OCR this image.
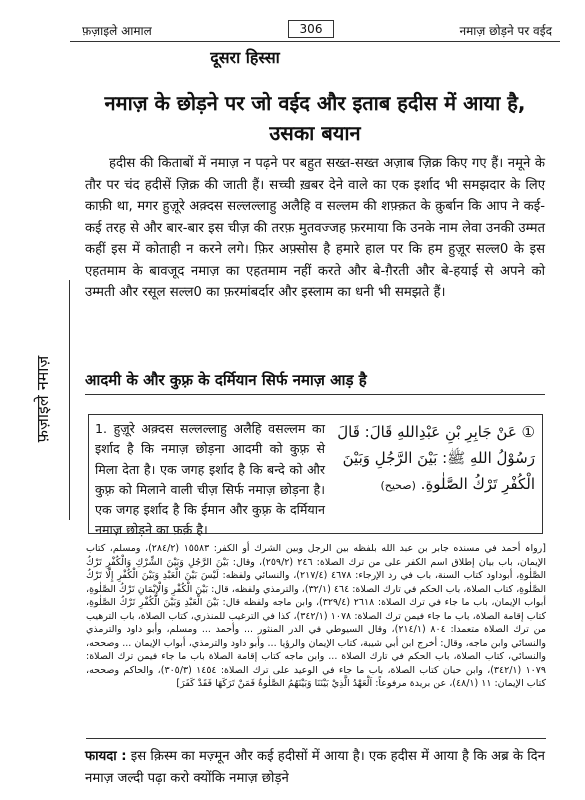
फ़ज़ाइले आमाल	306	नमाज़ छोड़ने पर वईद
दूसरा हिस्सा
फ़ज़ाइले नमाज़
नमाज़ के छोड़ने पर जो वईद और इताब हदीस में आया है, उसका बयान

हदीस की किताबों में नमाज़ न पढ़ने पर बहुत सख्त-सख्त अज़ाब ज़िक्र किए गए हैं। नमूने के तौर पर चंद हदीसें ज़िक्र की जाती हैं। सच्ची ख़बर देने वाले का एक इर्शाद भी समझदार के लिए काफ़ी था, मगर हुज़ूरे अक़्दस सल्लल्लाहु अलैहि व सल्लम की शफ़्क़त के क़ुर्बान कि आप ने कई-कई तरह से और बार-बार इस चीज़ की तरफ़ मुतवज्जह फ़रमाया कि उनके नाम लेवा उनकी उम्मत कहीं इस में कोताही न करने लगे। फ़िर अफ़्सोस है हमारे हाल पर कि हम हुज़ूर सल्ल0 के इस एहतमाम के बावजूद नमाज़ का एहतमाम नहीं करते और बे-ग़ैरती और बे-हयाई से अपने को उम्मती और रसूल सल्ल0 का फ़रमांबर्दार और इस्लाम का धनी भी समझते हैं।

आदमी के और कुफ़्र के दर्मियान सिर्फ नमाज़ आड़ है
1. हुज़ूरे अक़्दस सल्लल्लाहु अलैहि वसल्लम का इर्शाद है कि नमाज़ छोड़ना आदमी को कुफ़्र से मिला देता है। एक जगह इर्शाद है कि बन्दे को और कुफ़्र को मिलाने वाली चीज़ सिर्फ नमाज़ छोड़ना है। एक जगह इर्शाद है कि ईमान और कुफ़्र के दर्मियान नमाज़ छोड़ने का फ़र्क़ है।
① عَنْ جَابِرِ بْنِ عَبْدِاللهِ قَالَ: قَالَ رَسُوْلُ اللهِ ﷺ: بَيْنَ الرَّجُلِ وَبَيْنَ الْكُفْرِ تَرْكُ الصَّلٰوةِ. (صحيح)
[رواہ أحمد في مسنده جابر بن عبد الله بلفظه بين الرجل وبين الشرك أو الكفر: ١٥٥٨٣ (٢٨٤/٢)، ومسلم، كتاب الإيمان، باب بيان إطلاق اسم الكفر على من ترك الصلاة: ٢٤٦ (٢٥٩/٢)، وقال: بَيْنَ الرَّجُلِ وَبَيْنَ الشِّرْكِ وَالْكُفْرِ تَرْكُ الصَّلٰوةِ، أبوداود كتاب السنة، باب في رد الإرجاء: ٤٦٧٨ (٢١٧/٤)، والنسائي ولفظه: لَيْسَ بَيْنَ الْعَبْدِ وَبَيْنَ الْكُفْرِ إِلَّا تَرْكُ الصَّلٰوةِ، كتاب الصلاة، باب الحكم في تارك الصلاة: ٤٦٤ (٣٢/١)، والترمذي ولفظه، قال: بَيْنَ الْكُفْرِ وَالْإِيْمَانِ تَرْكُ الصَّلٰوةِ، أبواب الإيمان، باب ما جاء في ترك الصلاة: ٢٦١٨ (٣٢٩/٤)، وابن ماجه ولفظه قال: بَيْنَ الْعَبْدِ وَبَيْنَ الْكُفْرِ تَرْكُ الصَّلٰوةِ، كتاب إقامة الصلاة، باب ما جاء فيمن ترك الصلاة: ١٠٧٨ (٣٤٢/١)، كذا في الترغيب للمنذري، كتاب الصلاة، باب الترهيب من ترك الصلاة متعمدا: ٨٠٤ (٢١٤/١)، وقال السيوطي في الدر المنثور ... وأحمد ... ومسلم، وأبو داود والترمذي والنسائي وابن ماجه، وقال: أخرج ابن أبي شيبة، كتاب الإيمان والرؤيا ... وأبو داود والترمذي، أبواب الإيمان ... وصححه، والنسائي، كتاب الصلاة، باب الحكم في تارك الصلاة ... وابن ماجه كتاب إقامة الصلاة باب ما جاء فيمن ترك الصلاة: ١٠٧٩ (٣٤٢/١)، وابن حبان كتاب الصلاة، باب ما جاء في الوعيد على ترك الصلاة: ١٤٥٤ (٣٠٥/٣)، والحاكم وصححه، كتاب الإيمان: ١١ (٤٨/١)، عن بريدة مرفوعاً: اَلْعَهْدُ الَّذِيْ بَيْنَنَا وَبَيْنَهُمُ الصَّلٰوةُ فَمَنْ تَرَكَهَا فَقَدْ كَفَرَ]
फायदा : इस क़िस्म का मज़्मून और कई हदीसों में आया है। एक हदीस में आया है कि अब्र के दिन नमाज़ जल्दी पढ़ा करो क्योंकि नमाज़ छोड़ने
